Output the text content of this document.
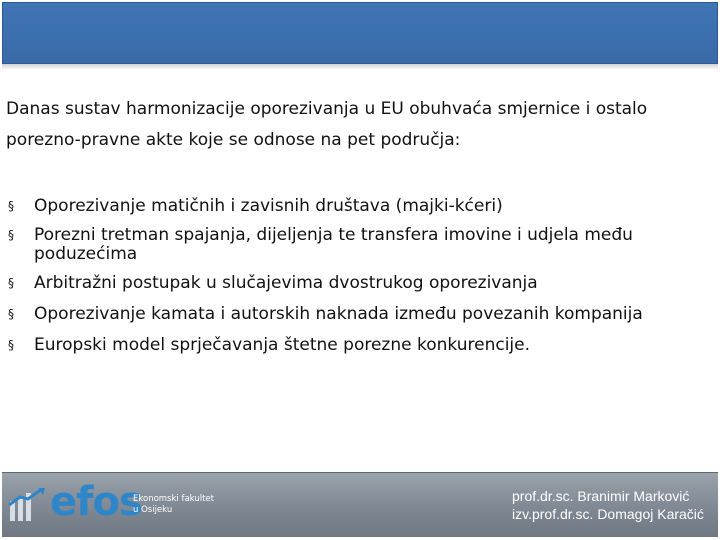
Danas sustav harmonizacije oporezivanja u EU obuhvaća smjernice i ostalo
porezno-pravne akte koje se odnose na pet područja:
§ Oporezivanje matičnih i zavisnih društava (majki-kćeri)
§ Porezni tretman spajanja, dijeljenja te transfera imovine i udjela među
poduzećima
§ Arbitražni postupak u slučajevima dvostrukog oporezivanja
§ Oporezivanje kamata i autorskih naknada između povezanih kompanija
§ Europski model sprječavanja štetne porezne konkurencije.
efos
Ekonomski fakultet
u Osijeku
prof.dr.sc. Branimir Marković
izv.prof.dr.sc. Domagoj Karačić
